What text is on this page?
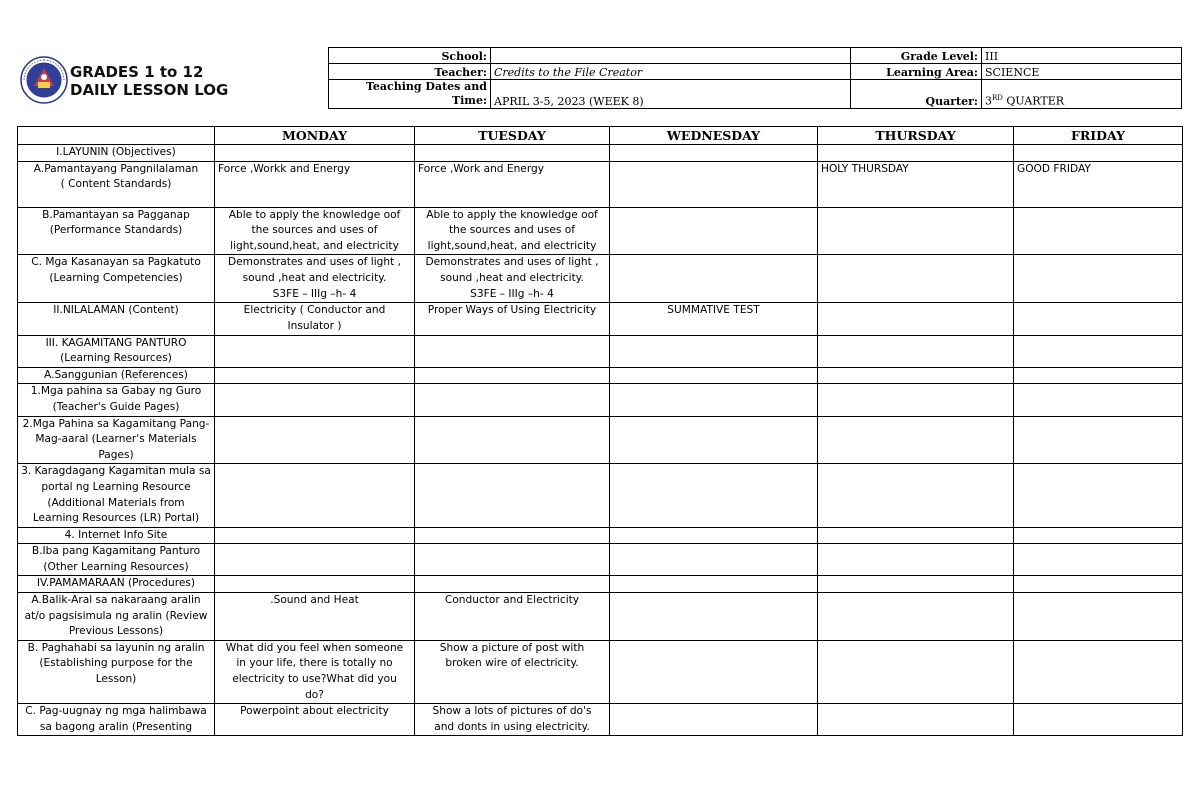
GRADES 1 to 12
DAILY LESSON LOG
School:		Grade Level:	III
Teacher:	Credits to the File Creator	Learning Area:	SCIENCE

Teaching Dates and
Time:	APRIL 3-5, 2023 (WEEK 8)	Quarter:	3RD QUARTER
	MONDAY	TUESDAY	WEDNESDAY	THURSDAY	FRIDAY
I.LAYUNIN (Objectives)					
A.Pamantayang Pangnilalaman
( Content Standards)	Force ,Workk and Energy	Force ,Work and Energy		HOLY THURSDAY	GOOD FRIDAY
B.Pamantayan sa Pagganap
(Performance Standards)	Able to apply the knowledge oof
the sources and uses of
light,sound,heat, and electricity	Able to apply the knowledge oof
the sources and uses of
light,sound,heat, and electricity			
C. Mga Kasanayan sa Pagkatuto
(Learning Competencies)	Demonstrates and uses of light ,
sound ,heat and electricity.
S3FE – IIIg –h- 4	Demonstrates and uses of light ,
sound ,heat and electricity.
S3FE – IIIg –h- 4			
II.NILALAMAN (Content)	Electricity ( Conductor and
Insulator )	Proper Ways of Using Electricity	SUMMATIVE TEST		
III. KAGAMITANG PANTURO
(Learning Resources)					
A.Sanggunian (References)					
1.Mga pahina sa Gabay ng Guro
(Teacher's Guide Pages)					
2.Mga Pahina sa Kagamitang Pang-
Mag-aaral (Learner's Materials
Pages)					
3. Karagdagang Kagamitan mula sa
portal ng Learning Resource
(Additional Materials from
Learning Resources (LR) Portal)					
4. Internet Info Site					
B.Iba pang Kagamitang Panturo
(Other Learning Resources)					
IV.PAMAMARAAN (Procedures)					
A.Balik-Aral sa nakaraang aralin
at/o pagsisimula ng aralin (Review
Previous Lessons)	.Sound and Heat	Conductor and Electricity			
B. Paghahabi sa layunin ng aralin
(Establishing purpose for the
Lesson)	What did you feel when someone
in your life, there is totally no
electricity to use?What did you
do?	Show a picture of post with
broken wire of electricity.			
C. Pag-uugnay ng mga halimbawa
sa bagong aralin (Presenting	Powerpoint about electricity	Show a lots of pictures of do's
and donts in using electricity.			
